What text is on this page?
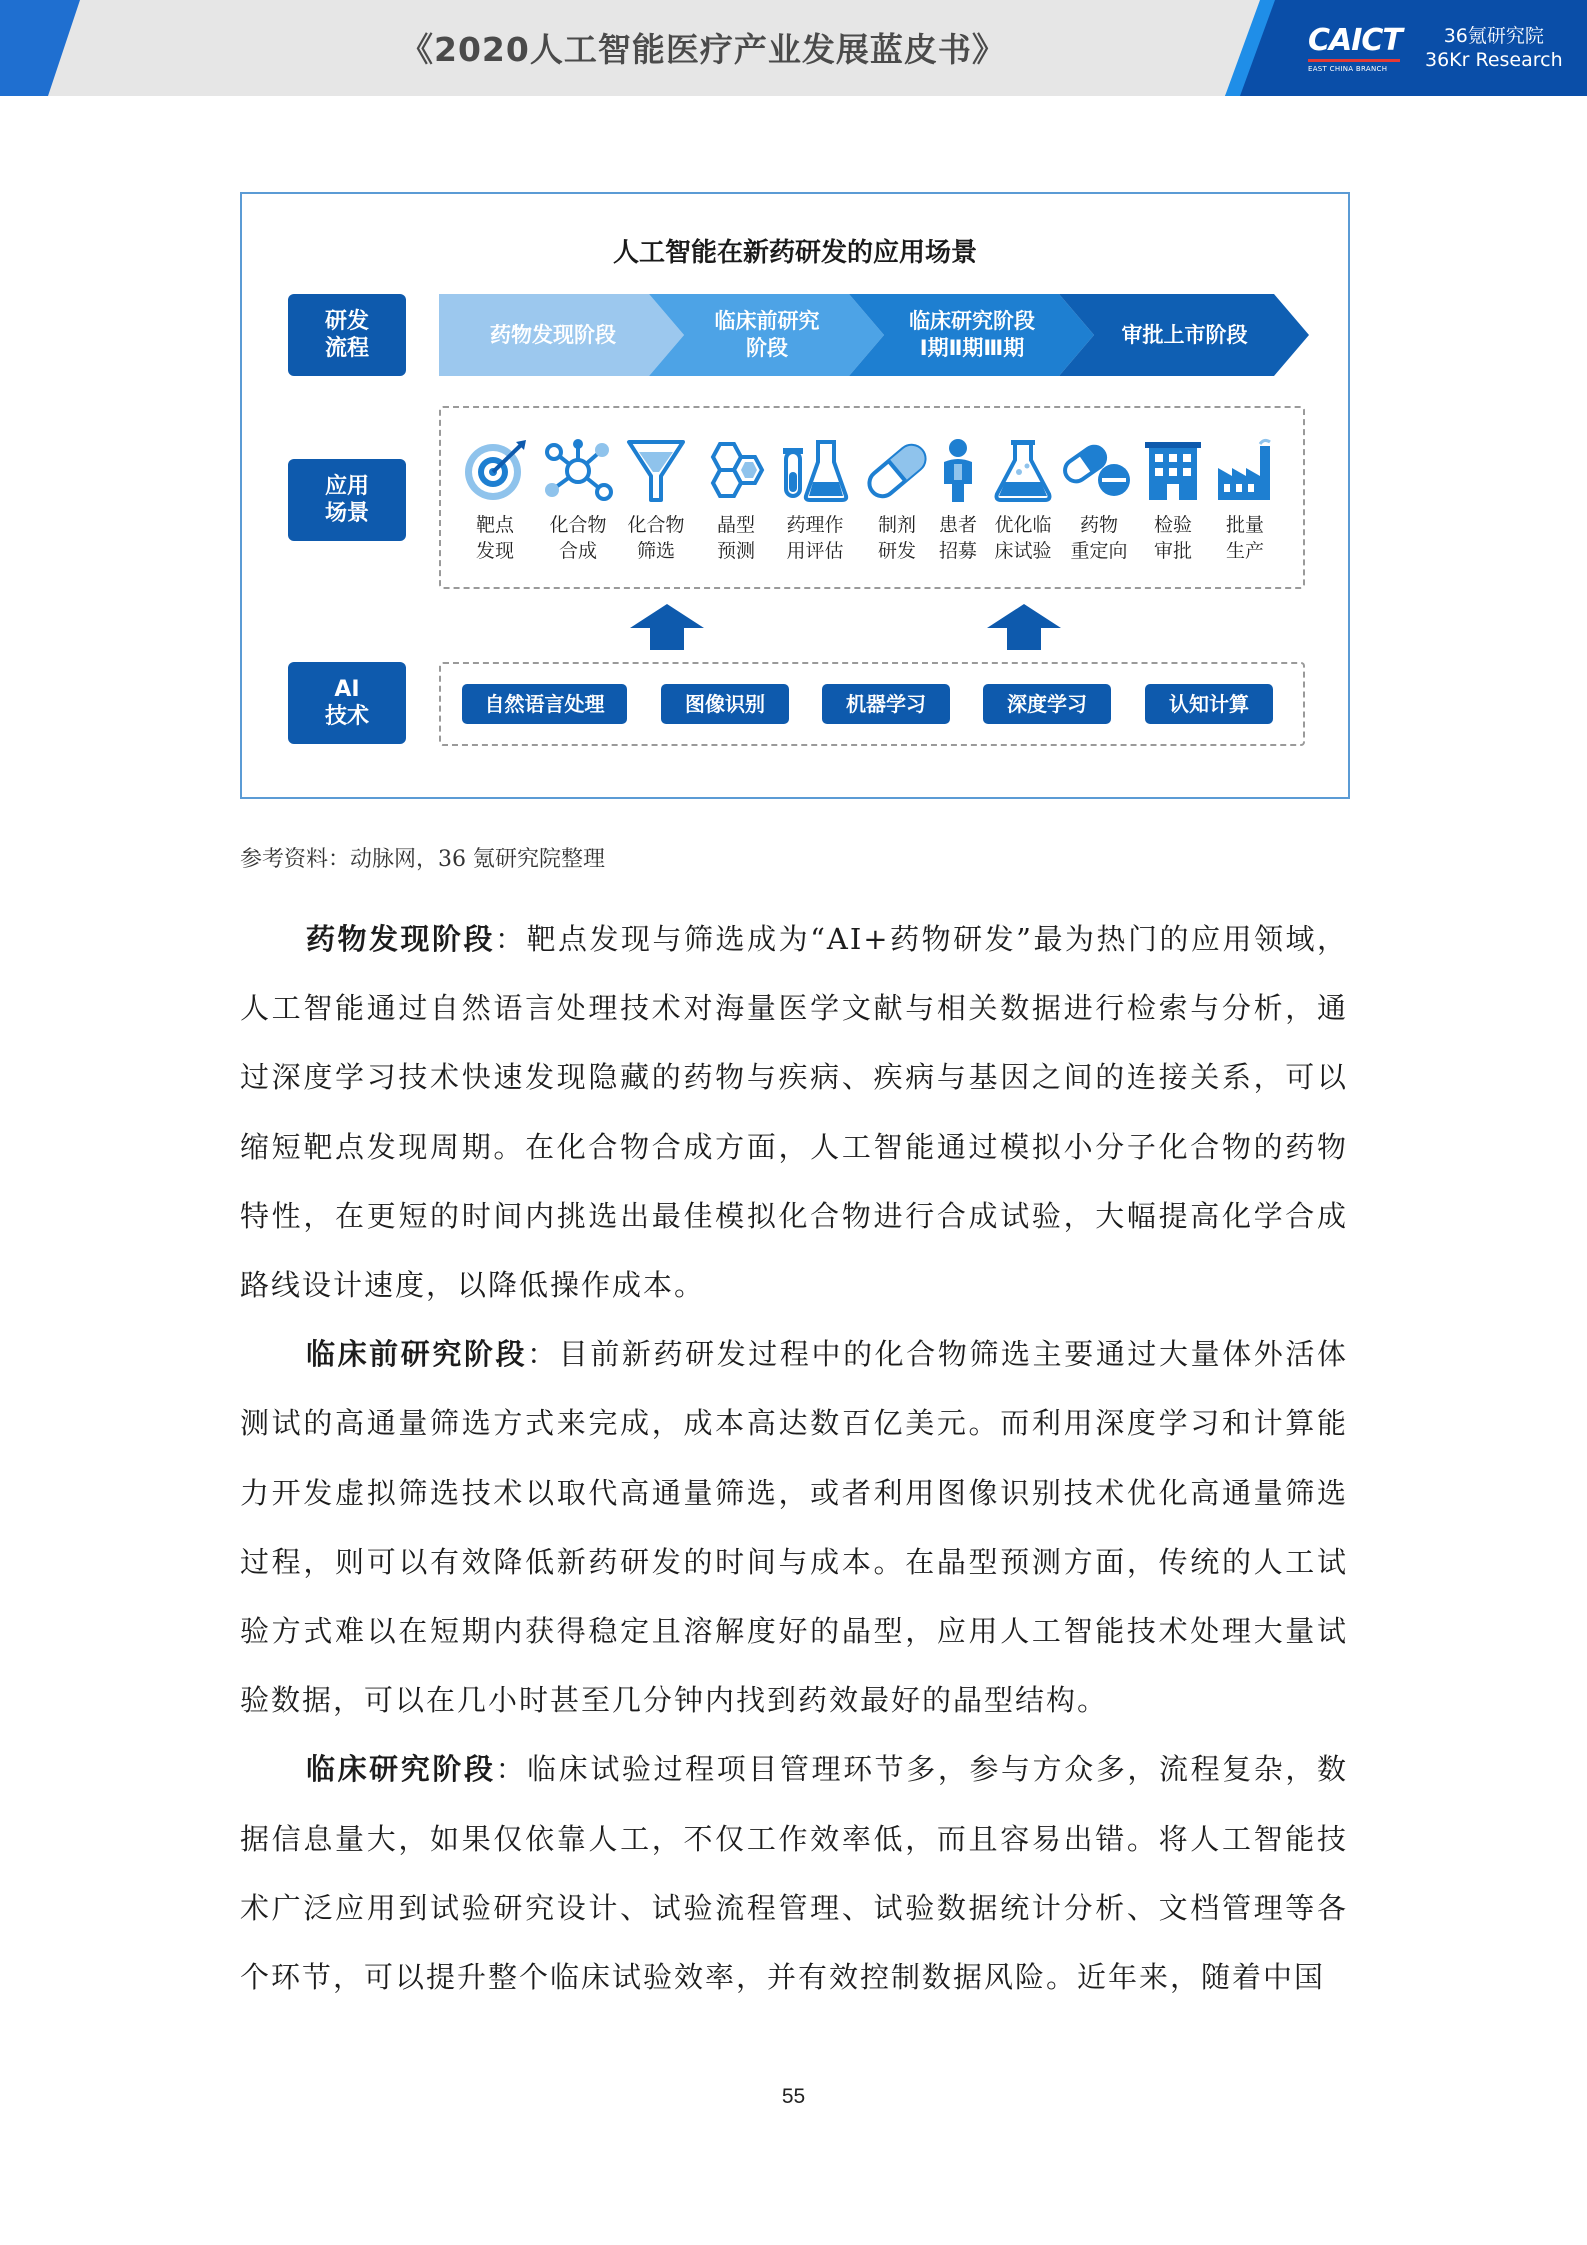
《2020人工智能医疗产业发展蓝皮书》	CAICT
EAST CHINA BRANCH
36氪研究院
36Kr Research
人工智能在新药研发的应用场景
研发
流程
应用
场景
AI
技术
药物发现阶段
临床前研究
阶段
临床研究阶段
Ⅰ期Ⅱ期Ⅲ期
审批上市阶段
靶点
发现
化合物
合成
化合物
筛选
晶型
预测
药理作
用评估
制剂
研发
患者
招募
优化临
床试验
药物
重定向
检验
审批
批量
生产
自然语言处理	图像识别	机器学习	深度学习	认知计算
参考资料：动脉网，36 氪研究院整理

药物发现阶段：靶点发现与筛选成为“AI+药物研发”最为热门的应用领域，人工智能通过自然语言处理技术对海量医学文献与相关数据进行检索与分析，通过深度学习技术快速发现隐藏的药物与疾病、疾病与基因之间的连接关系，可以缩短靶点发现周期。在化合物合成方面，人工智能通过模拟小分子化合物的药物特性，在更短的时间内挑选出最佳模拟化合物进行合成试验，大幅提高化学合成路线设计速度，以降低操作成本。

临床前研究阶段：目前新药研发过程中的化合物筛选主要通过大量体外活体测试的高通量筛选方式来完成，成本高达数百亿美元。而利用深度学习和计算能力开发虚拟筛选技术以取代高通量筛选，或者利用图像识别技术优化高通量筛选过程，则可以有效降低新药研发的时间与成本。在晶型预测方面，传统的人工试验方式难以在短期内获得稳定且溶解度好的晶型，应用人工智能技术处理大量试验数据，可以在几小时甚至几分钟内找到药效最好的晶型结构。

临床研究阶段：临床试验过程项目管理环节多，参与方众多，流程复杂，数据信息量大，如果仅依靠人工，不仅工作效率低，而且容易出错。将人工智能技术广泛应用到试验研究设计、试验流程管理、试验数据统计分析、文档管理等各个环节，可以提升整个临床试验效率，并有效控制数据风险。近年来，随着中国

55
